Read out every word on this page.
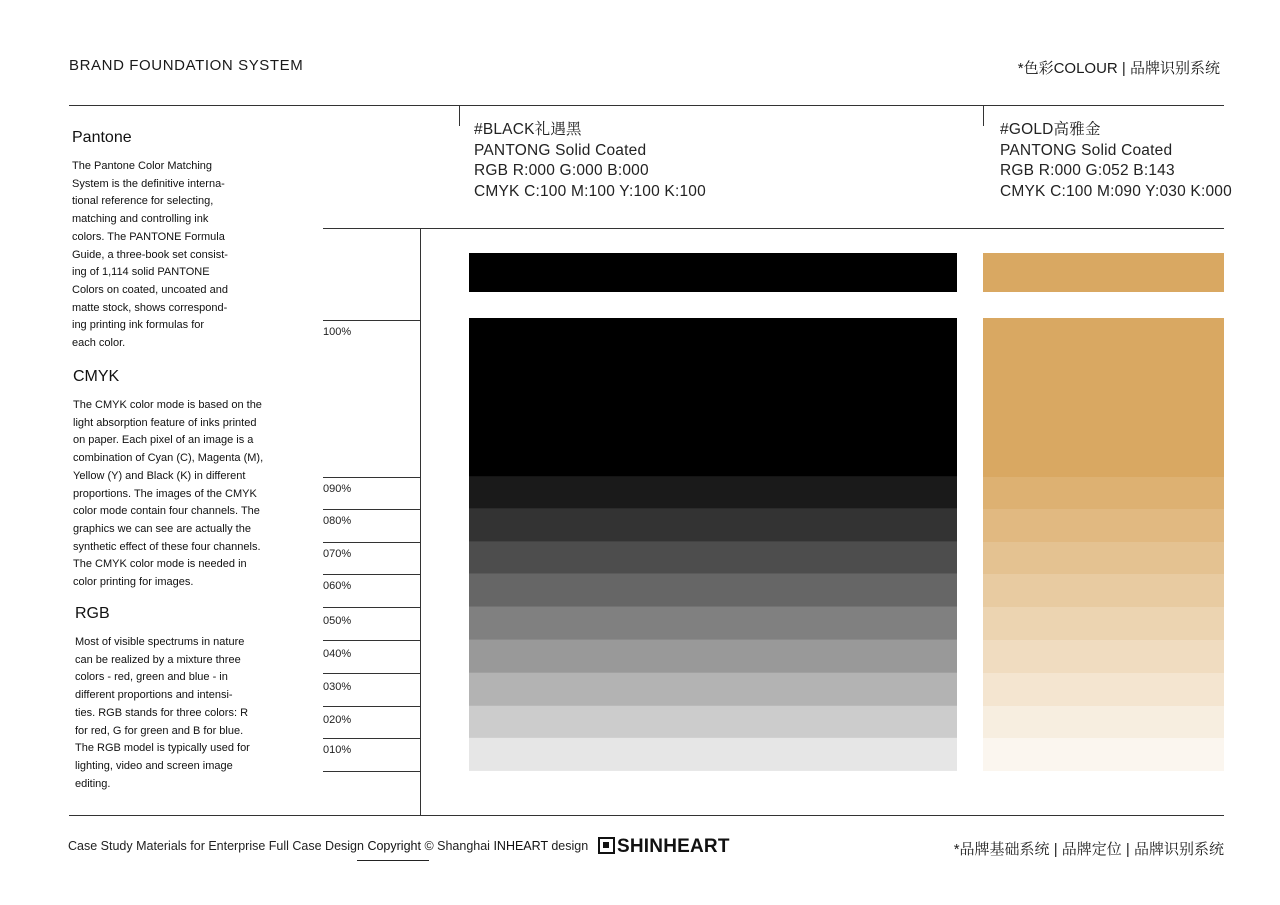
BRAND FOUNDATION SYSTEM	*色彩COLOUR | 品牌识别系统
Pantone
The Pantone Color Matching
System is the definitive interna-
tional reference for selecting,
matching and controlling ink
colors. The PANTONE Formula
Guide, a three-book set consist-
ing of 1,114 solid PANTONE
Colors on coated, uncoated and
matte stock, shows correspond-
ing printing ink formulas for
each color.
CMYK
The CMYK color mode is based on the
light absorption feature of inks printed
on paper. Each pixel of an image is a
combination of Cyan (C), Magenta (M),
Yellow (Y) and Black (K) in different
proportions. The images of the CMYK
color mode contain four channels. The
graphics we can see are actually the
synthetic effect of these four channels.
The CMYK color mode is needed in
color printing for images.
RGB
Most of visible spectrums in nature
can be realized by a mixture three
colors - red, green and blue - in
different proportions and intensi-
ties. RGB stands for three colors: R
for red, G for green and B for blue.
The RGB model is typically used for
lighting, video and screen image
editing.
#BLACK礼遇黑
PANTONG Solid Coated
RGB R:000 G:000 B:000
CMYK C:100 M:100 Y:100 K:100
#GOLD高雅金
PANTONG Solid Coated
RGB R:000 G:052 B:143
CMYK C:100 M:090 Y:030 K:000
100%
090%
080%
070%
060%
050%
040%
030%
020%
010%
Case Study Materials for Enterprise Full Case Design Copyright © Shanghai INHEART design	SHINHEART	*品牌基础系统 | 品牌定位 | 品牌识别系统
